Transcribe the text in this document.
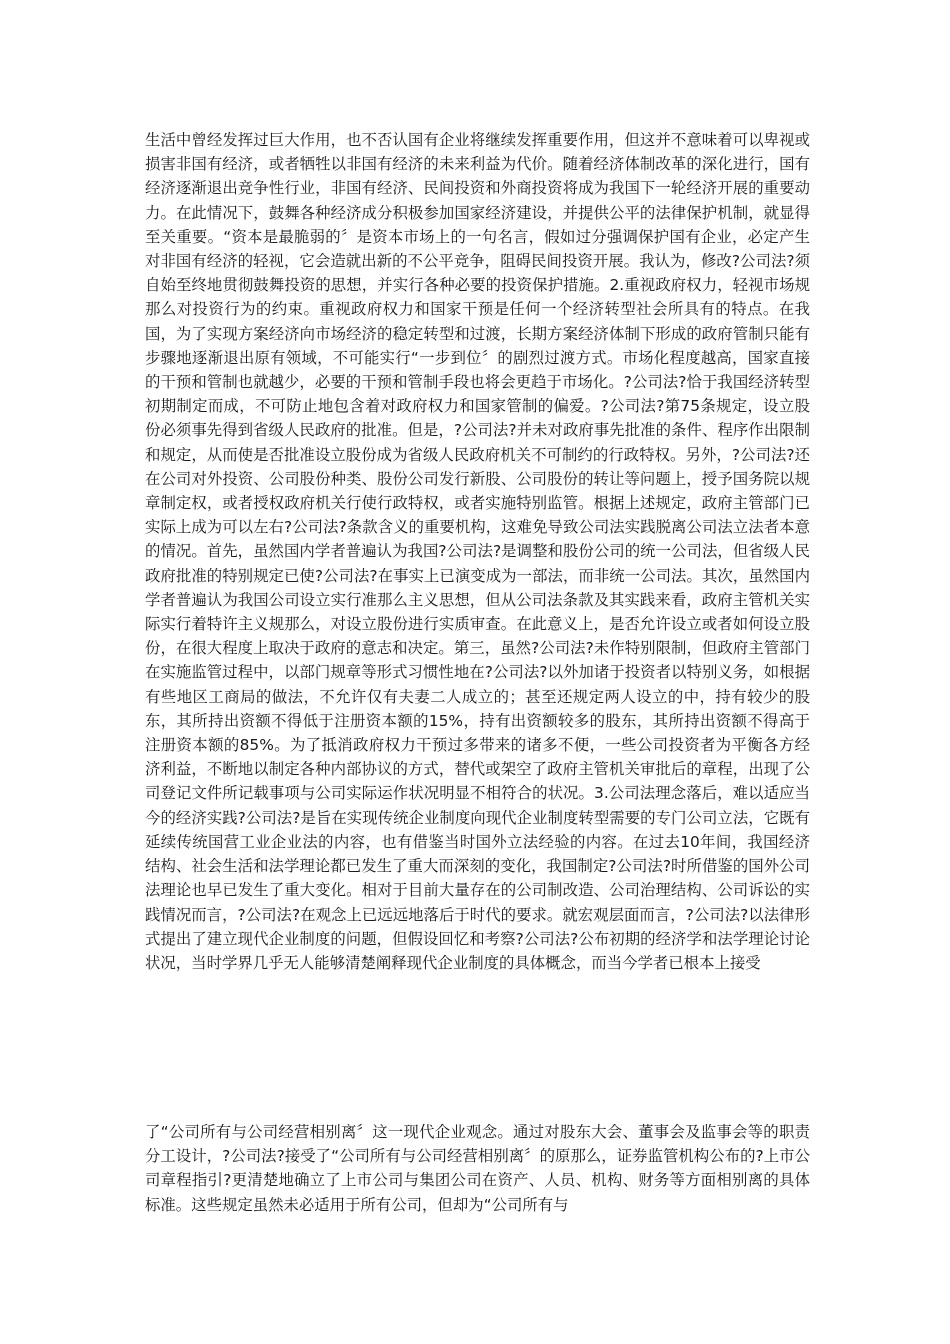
生活中曾经发挥过巨大作用，也不否认国有企业将继续发挥重要作用，但这并不意味着可以卑视或损害非国有经济，或者牺牲以非国有经济的未来利益为代价。随着经济体制改革的深化进行，国有经济逐渐退出竞争性行业，非国有经济、民间投资和外商投资将成为我国下一轮经济开展的重要动力。在此情况下，鼓舞各种经济成分积极参加国家经济建设，并提供公平的法律保护机制，就显得至关重要。“资本是最脆弱的〞是资本市场上的一句名言，假如过分强调保护国有企业，必定产生对非国有经济的轻视，它会造就出新的不公平竞争，阻碍民间投资开展。我认为，修改?公司法?须自始至终地贯彻鼓舞投资的思想，并实行各种必要的投资保护措施。2.重视政府权力，轻视市场规那么对投资行为的约束。重视政府权力和国家干预是任何一个经济转型社会所具有的特点。在我国，为了实现方案经济向市场经济的稳定转型和过渡，长期方案经济体制下形成的政府管制只能有步骤地逐渐退出原有领域，不可能实行“一步到位〞的剧烈过渡方式。市场化程度越高，国家直接的干预和管制也就越少，必要的干预和管制手段也将会更趋于市场化。?公司法?恰于我国经济转型初期制定而成，不可防止地包含着对政府权力和国家管制的偏爱。?公司法?第75条规定，设立股份必须事先得到省级人民政府的批准。但是，?公司法?并未对政府事先批准的条件、程序作出限制和规定，从而使是否批准设立股份成为省级人民政府机关不可制约的行政特权。另外，?公司法?还在公司对外投资、公司股份种类、股份公司发行新股、公司股份的转让等问题上，授予国务院以规章制定权，或者授权政府机关行使行政特权，或者实施特别监管。根据上述规定，政府主管部门已实际上成为可以左右?公司法?条款含义的重要机构，这难免导致公司法实践脱离公司法立法者本意的情况。首先，虽然国内学者普遍认为我国?公司法?是调整和股份公司的统一公司法，但省级人民政府批准的特别规定已使?公司法?在事实上已演变成为一部法，而非统一公司法。其次，虽然国内学者普遍认为我国公司设立实行准那么主义思想，但从公司法条款及其实践来看，政府主管机关实际实行着特许主义规那么，对设立股份进行实质审查。在此意义上，是否允许设立或者如何设立股份，在很大程度上取决于政府的意志和决定。第三，虽然?公司法?未作特别限制，但政府主管部门在实施监管过程中，以部门规章等形式习惯性地在?公司法?以外加诸于投资者以特别义务，如根据有些地区工商局的做法，不允许仅有夫妻二人成立的；甚至还规定两人设立的中，持有较少的股东，其所持出资额不得低于注册资本额的15%，持有出资额较多的股东，其所持出资额不得高于注册资本额的85%。为了抵消政府权力干预过多带来的诸多不便，一些公司投资者为平衡各方经济利益，不断地以制定各种内部协议的方式，替代或架空了政府主管机关审批后的章程，出现了公司登记文件所记载事项与公司实际运作状况明显不相符合的状况。3.公司法理念落后，难以适应当今的经济实践?公司法?是旨在实现传统企业制度向现代企业制度转型需要的专门公司立法，它既有延续传统国营工业企业法的内容，也有借鉴当时国外立法经验的内容。在过去10年间，我国经济结构、社会生活和法学理论都已发生了重大而深刻的变化，我国制定?公司法?时所借鉴的国外公司法理论也早已发生了重大变化。相对于目前大量存在的公司制改造、公司治理结构、公司诉讼的实践情况而言，?公司法?在观念上已远远地落后于时代的要求。就宏观层面而言，?公司法?以法律形式提出了建立现代企业制度的问题，但假设回忆和考察?公司法?公布初期的经济学和法学理论讨论状况，当时学界几乎无人能够清楚阐释现代企业制度的具体概念，而当今学者已根本上接受

了“公司所有与公司经营相别离〞这一现代企业观念。通过对股东大会、董事会及监事会等的职责分工设计，?公司法?接受了“公司所有与公司经营相别离〞的原那么，证券监管机构公布的?上市公司章程指引?更清楚地确立了上市公司与集团公司在资产、人员、机构、财务等方面相别离的具体标准。这些规定虽然未必适用于所有公司，但却为“公司所有与
